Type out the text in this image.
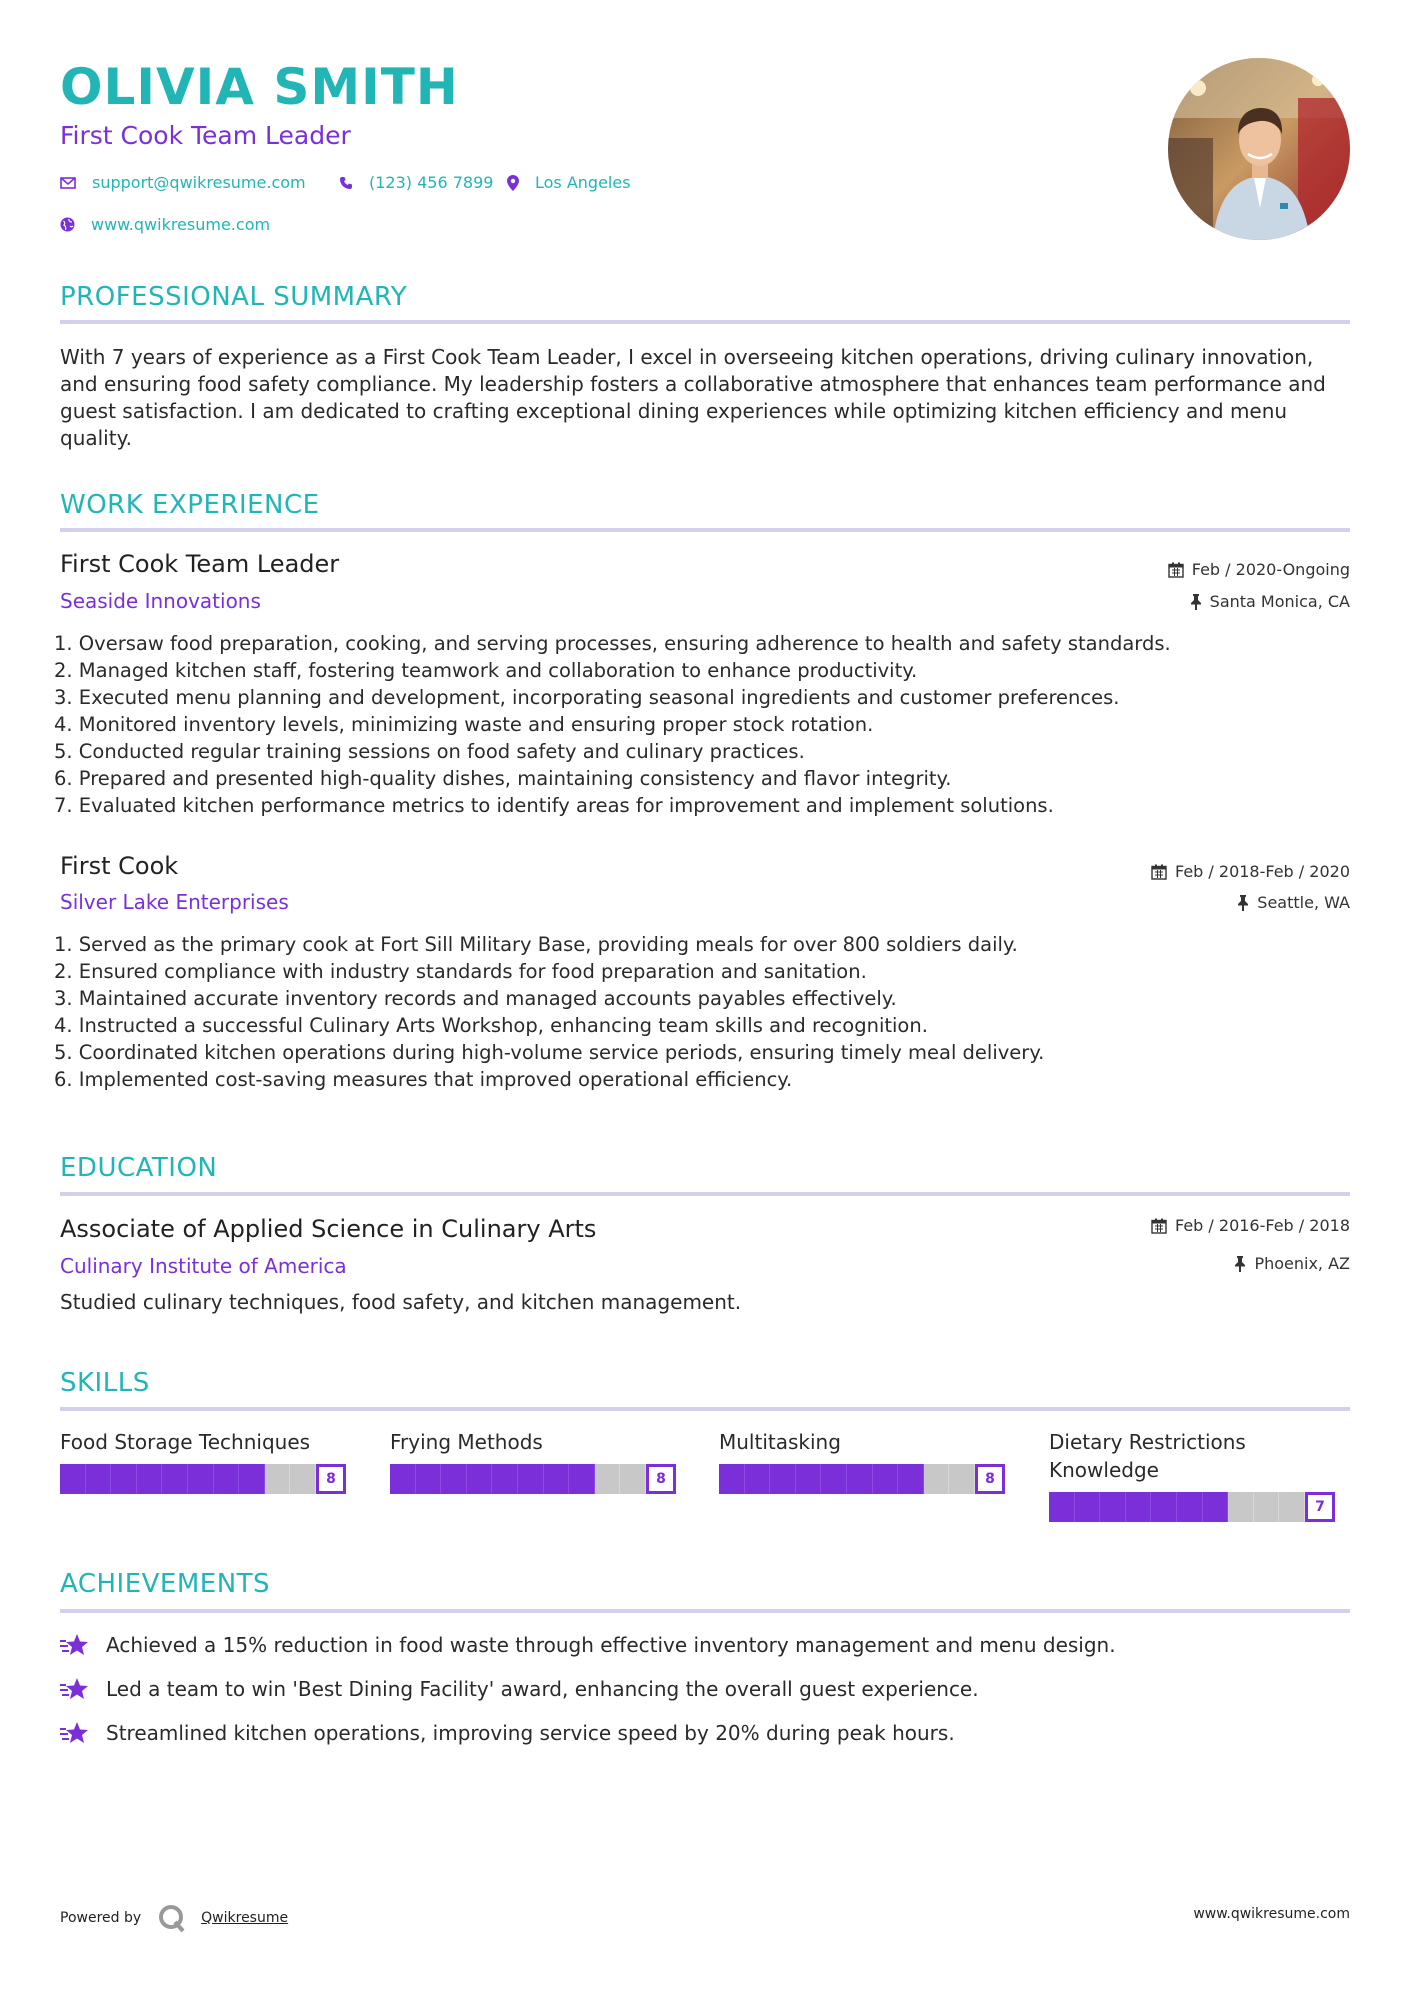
OLIVIA SMITH
First Cook Team Leader
support@qwikresume.com	(123) 456 7899	Los Angeles
www.qwikresume.com
PROFESSIONAL SUMMARY
With 7 years of experience as a First Cook Team Leader, I excel in overseeing kitchen operations, driving culinary innovation, and ensuring food safety compliance. My leadership fosters a collaborative atmosphere that enhances team performance and guest satisfaction. I am dedicated to crafting exceptional dining experiences while optimizing kitchen efficiency and menu quality.
WORK EXPERIENCE
First Cook Team Leader
Seaside Innovations
Feb / 2020-Ongoing
Santa Monica, CA
1. Oversaw food preparation, cooking, and serving processes, ensuring adherence to health and safety standards.
2. Managed kitchen staff, fostering teamwork and collaboration to enhance productivity.
3. Executed menu planning and development, incorporating seasonal ingredients and customer preferences.
4. Monitored inventory levels, minimizing waste and ensuring proper stock rotation.
5. Conducted regular training sessions on food safety and culinary practices.
6. Prepared and presented high-quality dishes, maintaining consistency and flavor integrity.
7. Evaluated kitchen performance metrics to identify areas for improvement and implement solutions.
First Cook
Silver Lake Enterprises
Feb / 2018-Feb / 2020
Seattle, WA
1. Served as the primary cook at Fort Sill Military Base, providing meals for over 800 soldiers daily.
2. Ensured compliance with industry standards for food preparation and sanitation.
3. Maintained accurate inventory records and managed accounts payables effectively.
4. Instructed a successful Culinary Arts Workshop, enhancing team skills and recognition.
5. Coordinated kitchen operations during high-volume service periods, ensuring timely meal delivery.
6. Implemented cost-saving measures that improved operational efficiency.
EDUCATION
Associate of Applied Science in Culinary Arts
Culinary Institute of America
Feb / 2016-Feb / 2018
Phoenix, AZ
Studied culinary techniques, food safety, and kitchen management.
SKILLS
Food Storage Techniques
8
Frying Methods
8
Multitasking
8
Dietary Restrictions Knowledge
7
ACHIEVEMENTS
Achieved a 15% reduction in food waste through effective inventory management and menu design.
Led a team to win 'Best Dining Facility' award, enhancing the overall guest experience.
Streamlined kitchen operations, improving service speed by 20% during peak hours.
Powered by	Qwikresume	www.qwikresume.com
